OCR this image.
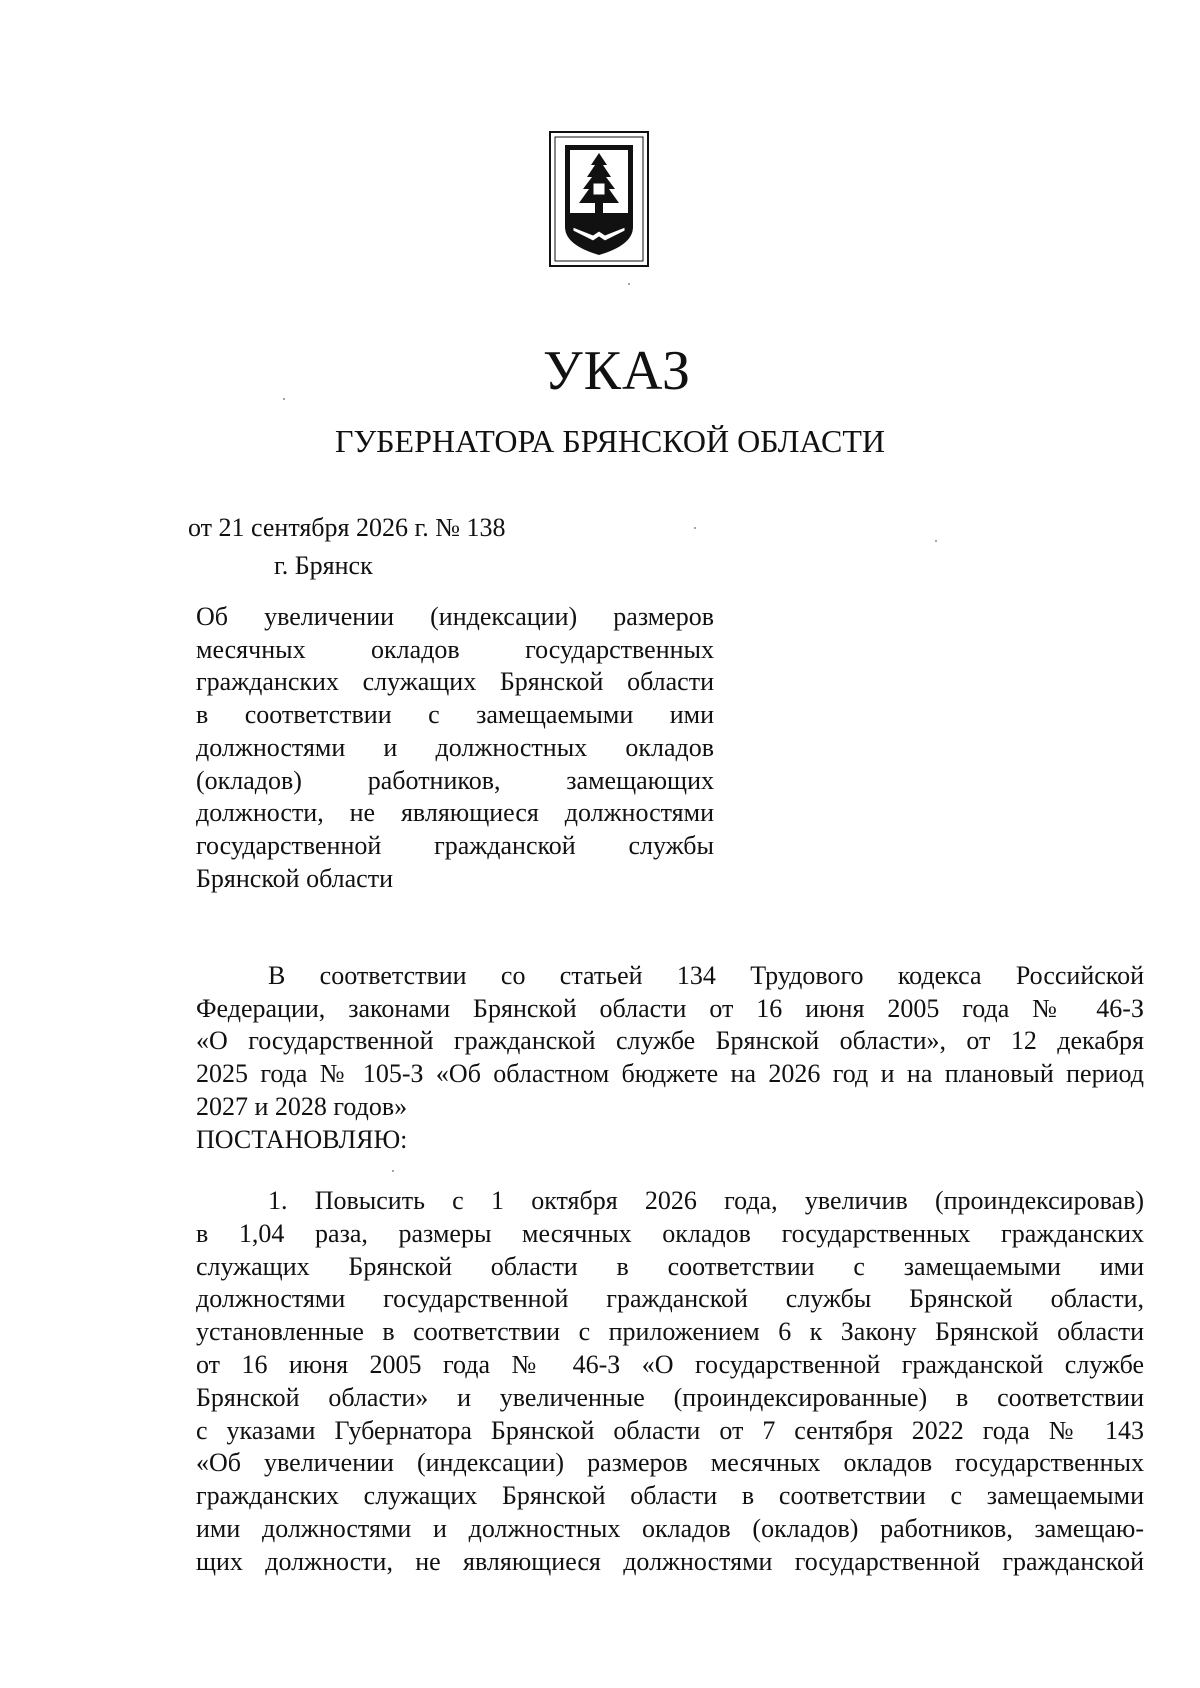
УКАЗ
ГУБЕРНАТОРА БРЯНСКОЙ ОБЛАСТИ
от 21 сентября 2026 г. № 138
г. Брянск
Об увеличении (индексации) размеров
месячных окладов государственных
гражданских служащих Брянской области
в соответствии с замещаемыми ими
должностями и должностных окладов
(окладов) работников, замещающих
должности, не являющиеся должностями
государственной гражданской службы
Брянской области
В соответствии со статьей 134 Трудового кодекса Российской
Федерации, законами Брянской области от 16 июня 2005 года № 46-З
«О государственной гражданской службе Брянской области», от 12 декабря
2025 года № 105-З «Об областном бюджете на 2026 год и на плановый период
2027 и 2028 годов»
ПОСТАНОВЛЯЮ:
1. Повысить с 1 октября 2026 года, увеличив (проиндексировав)
в 1,04 раза, размеры месячных окладов государственных гражданских
служащих Брянской области в соответствии с замещаемыми ими
должностями государственной гражданской службы Брянской области,
установленные в соответствии с приложением 6 к Закону Брянской области
от 16 июня 2005 года № 46-З «О государственной гражданской службе
Брянской области» и увеличенные (проиндексированные) в соответствии
с указами Губернатора Брянской области от 7 сентября 2022 года № 143
«Об увеличении (индексации) размеров месячных окладов государственных
гражданских служащих Брянской области в соответствии с замещаемыми
ими должностями и должностных окладов (окладов) работников, замещаю-
щих должности, не являющиеся должностями государственной гражданской
